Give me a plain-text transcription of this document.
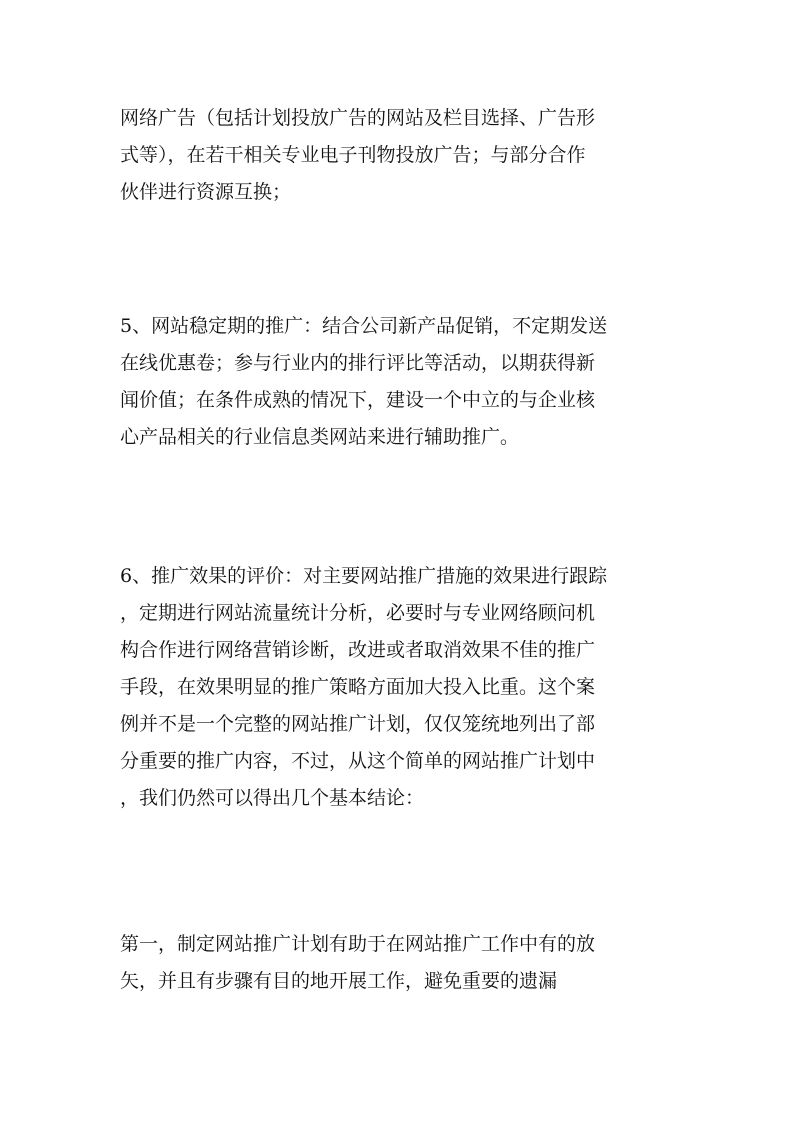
网络广告（包括计划投放广告的网站及栏目选择、广告形
式等），在若干相关专业电子刊物投放广告；与部分合作
伙伴进行资源互换；
5、网站稳定期的推广：结合公司新产品促销，不定期发送
在线优惠卷；参与行业内的排行评比等活动，以期获得新
闻价值；在条件成熟的情况下，建设一个中立的与企业核
心产品相关的行业信息类网站来进行辅助推广。
6、推广效果的评价：对主要网站推广措施的效果进行跟踪
，定期进行网站流量统计分析，必要时与专业网络顾问机
构合作进行网络营销诊断，改进或者取消效果不佳的推广
手段，在效果明显的推广策略方面加大投入比重。这个案
例并不是一个完整的网站推广计划，仅仅笼统地列出了部
分重要的推广内容，不过，从这个简单的网站推广计划中
，我们仍然可以得出几个基本结论：
第一，制定网站推广计划有助于在网站推广工作中有的放
矢，并且有步骤有目的地开展工作，避免重要的遗漏
